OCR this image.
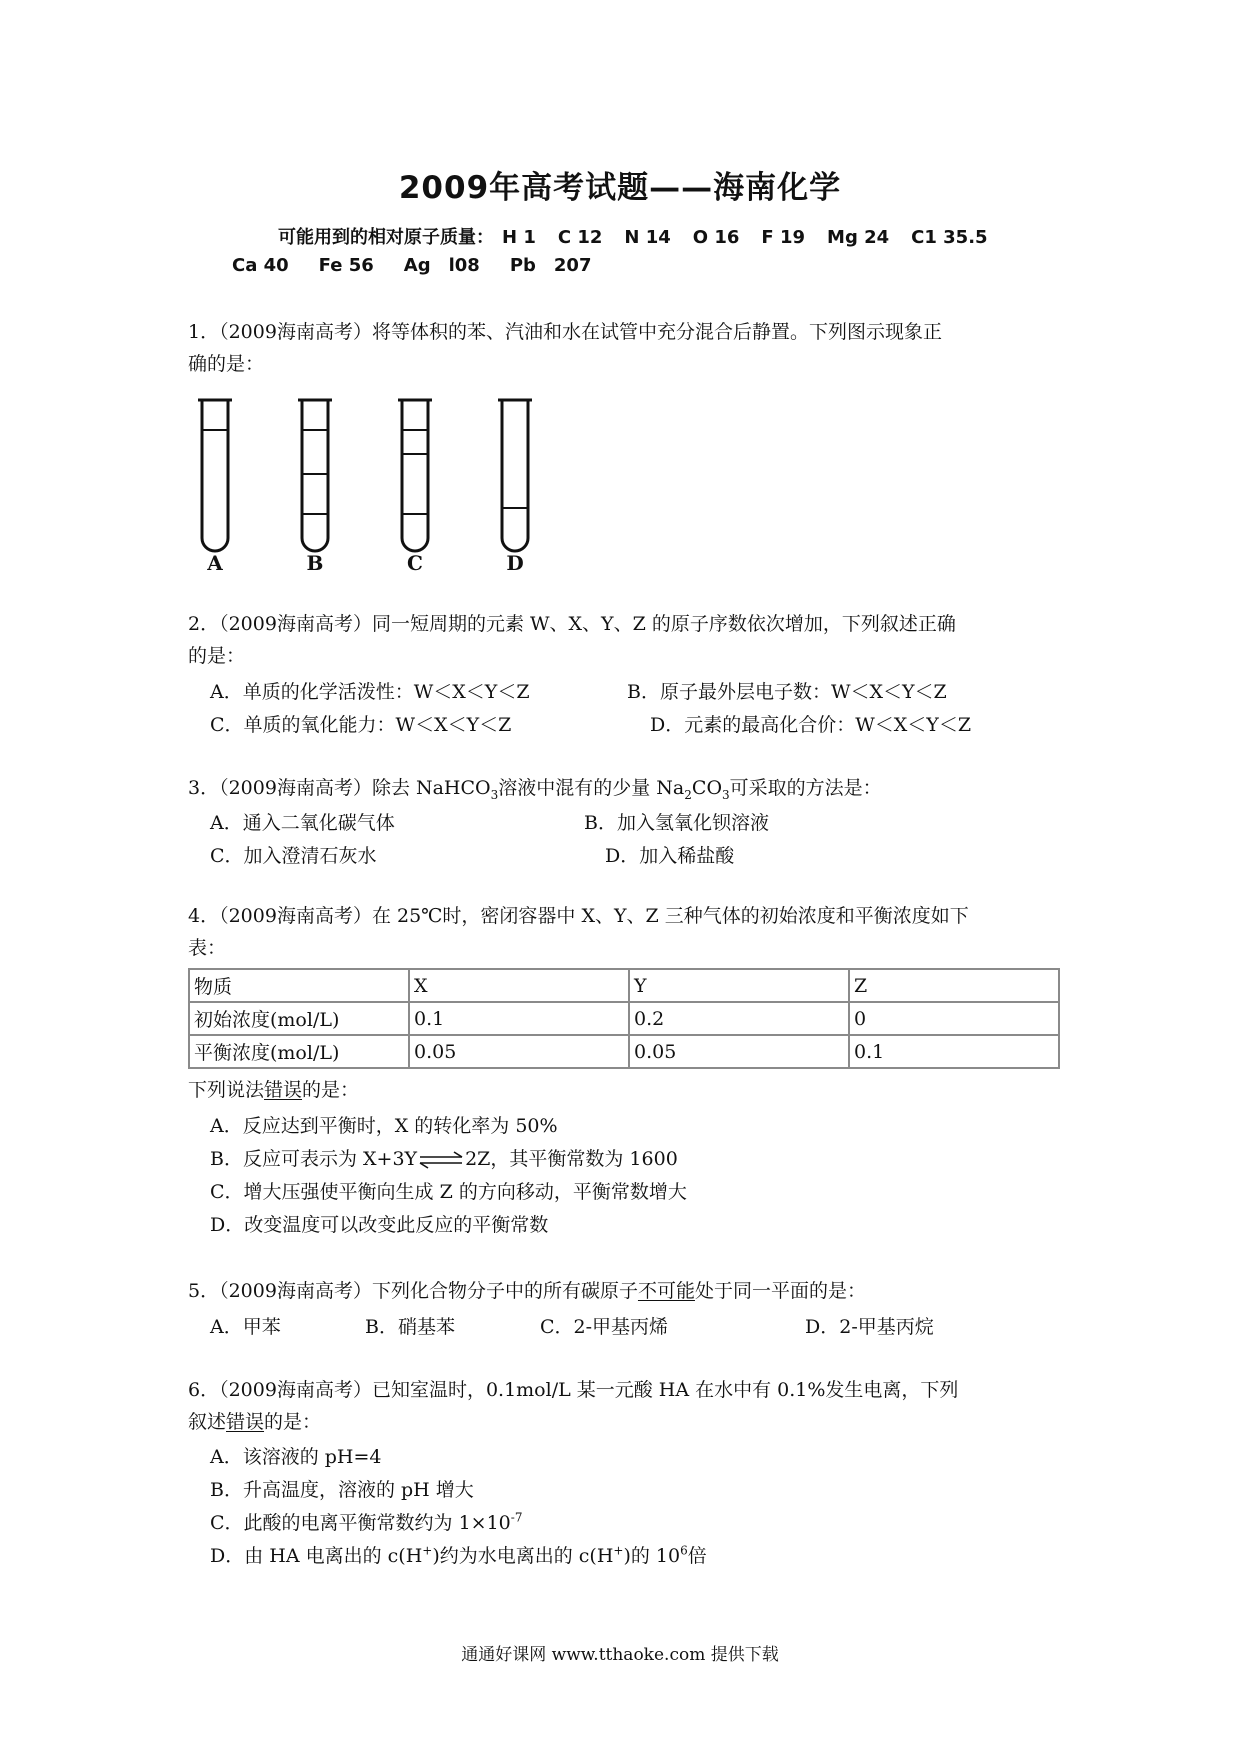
2009年高考试题——海南化学
可能用到的相对原子质量： H 1 C 12 N 14 O 16 F 19 Mg 24 C1 35.5
Ca 40 Fe 56 Ag l08 Pb 207
1．（2009海南高考）将等体积的苯、汽油和水在试管中充分混合后静置。下列图示现象正
确的是：
A	B	C	D
2．（2009海南高考）同一短周期的元素 W、X、Y、Z 的原子序数依次增加，下列叙述正确
的是：
A．单质的化学活泼性：W＜X＜Y＜Z	B．原子最外层电子数：W＜X＜Y＜Z
C．单质的氧化能力：W＜X＜Y＜Z	D．元素的最高化合价：W＜X＜Y＜Z
3．（2009海南高考）除去 NaHCO$_3$溶液中混有的少量 $Na_2CO_3$可采取的方法是：
A．通入二氧化碳气体	B．加入氢氧化钡溶液
C．加入澄清石灰水	D．加入稀盐酸
4．（2009海南高考）在 25℃时，密闭容器中 X、Y、Z 三种气体的初始浓度和平衡浓度如下
表：
物质	X	Y	Z
初始浓度(mol/L)	0.1	0.2	0
平衡浓度(mol/L)	0.05	0.05	0.1
下列说法错误的是：
A．反应达到平衡时，X 的转化率为 50%
B．反应可表示为 X+3Y⇌2Z，其平衡常数为 1600
C．增大压强使平衡向生成 Z 的方向移动，平衡常数增大
D．改变温度可以改变此反应的平衡常数
5．（2009海南高考）下列化合物分子中的所有碳原子不可能处于同一平面的是：
A．甲苯	B．硝基苯	C．2-甲基丙烯	D．2-甲基丙烷
6．（2009海南高考）已知室温时，0.1mol/L 某一元酸 HA 在水中有 0.1%发生电离，下列
叙述错误的是：
A．该溶液的 pH=4
B．升高温度，溶液的 pH 增大
C．此酸的电离平衡常数约为 $1\times 10^{-7}$
D．由 HA 电离出的 c(H+)约为水电离出的 c(H+)的 $10^6$倍
通通好课网 www.tthaoke.com 提供下载
